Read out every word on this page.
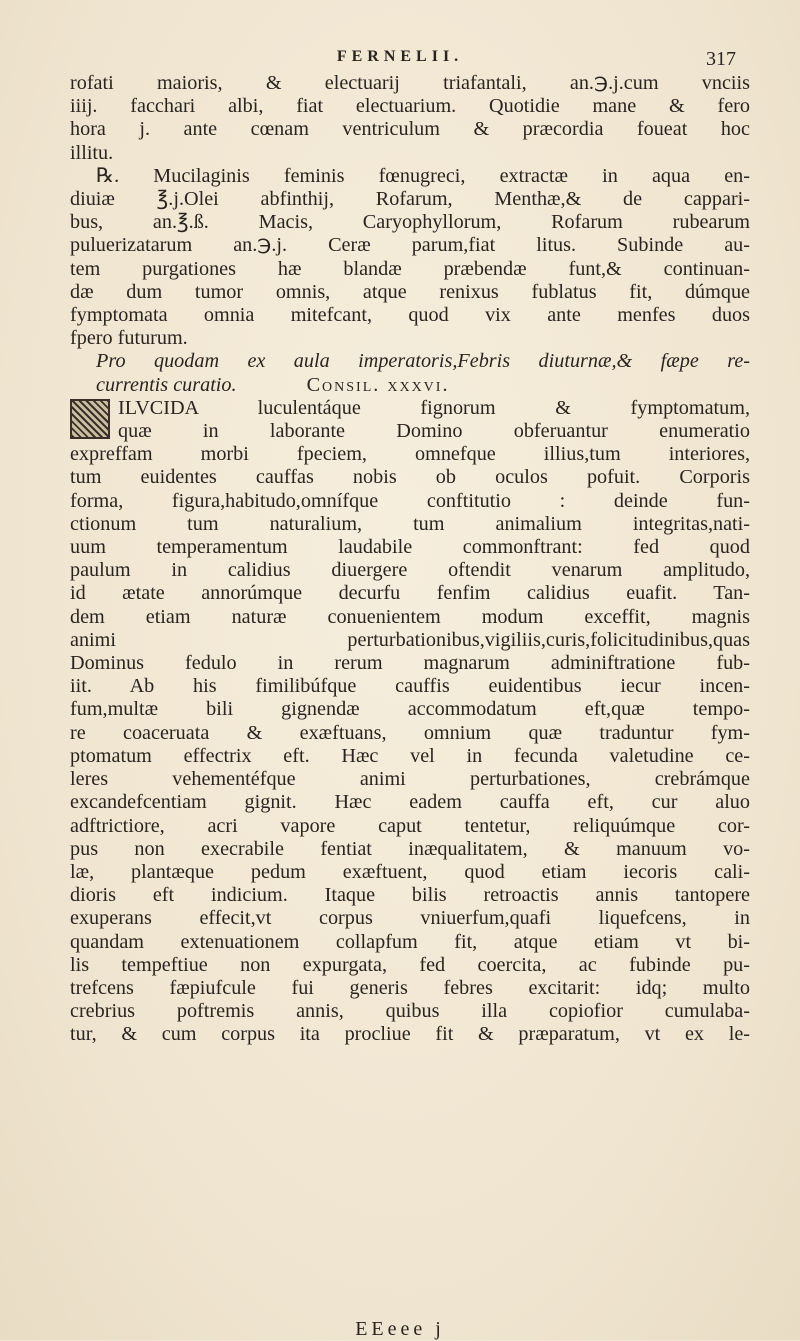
FERNELII.	317
rofati maioris, & electuarij triafantali, an.℈.j.cum vnciis
iiij. facchari albi, fiat electuarium. Quotidie mane & fero
hora j. ante cœnam ventriculum & præcordia foueat hoc
illitu.
℞. Mucilaginis feminis fœnugreci, extractæ in aqua en-
diuiæ ℥.j.Olei abfinthij, Rofarum, Menthæ,& de cappari-
bus, an.℥.ß. Macis, Caryophyllorum, Rofarum rubearum
puluerizatarum an.℈.j. Ceræ parum,fiat litus. Subinde au-
tem purgationes hæ blandæ præbendæ funt,& continuan-
dæ dum tumor omnis, atque renixus fublatus fit, dúmque
fymptomata omnia mitefcant, quod vix ante menfes duos
fpero futurum.
Pro quodam ex aula imperatoris,Febris diuturnæ,& fæpe re-
currentis curatio.	Consil. xxxvi.
ILVCIDA luculentáque fignorum & fymptomatum,
quæ in laborante Domino obferuantur enumeratio
expreffam morbi fpeciem, omnefque illius,tum interiores,
tum euidentes cauffas nobis ob oculos pofuit. Corporis
forma, figura,habitudo,omnífque conftitutio : deinde fun-
ctionum tum naturalium, tum animalium integritas,nati-
uum temperamentum laudabile commonftrant: fed quod
paulum in calidius diuergere oftendit venarum amplitudo,
id ætate annorúmque decurfu fenfim calidius euafit. Tan-
dem etiam naturæ conuenientem modum exceffit, magnis
animi perturbationibus,vigiliis,curis,folicitudinibus,quas
Dominus fedulo in rerum magnarum adminiftratione fub-
iit. Ab his fimilibúfque cauffis euidentibus iecur incen-
fum,multæ bili gignendæ accommodatum eft,quæ tempo-
re coaceruata & exæftuans, omnium quæ traduntur fym-
ptomatum effectrix eft. Hæc vel in fecunda valetudine ce-
leres vehementéfque animi perturbationes, crebrámque
excandefcentiam gignit. Hæc eadem cauffa eft, cur aluo
adftrictiore, acri vapore caput tentetur, reliquúmque cor-
pus non execrabile fentiat inæqualitatem, & manuum vo-
læ, plantæque pedum exæftuent, quod etiam iecoris cali-
dioris eft indicium. Itaque bilis retroactis annis tantopere
exuperans effecit,vt corpus vniuerfum,quafi liquefcens, in
quandam extenuationem collapfum fit, atque etiam vt bi-
lis tempeftiue non expurgata, fed coercita, ac fubinde pu-
trefcens fæpiufcule fui generis febres excitarit: idq; multo
crebrius poftremis annis, quibus illa copiofior cumulaba-
tur, & cum corpus ita procliue fit & præparatum, vt ex le-
EEeee j
